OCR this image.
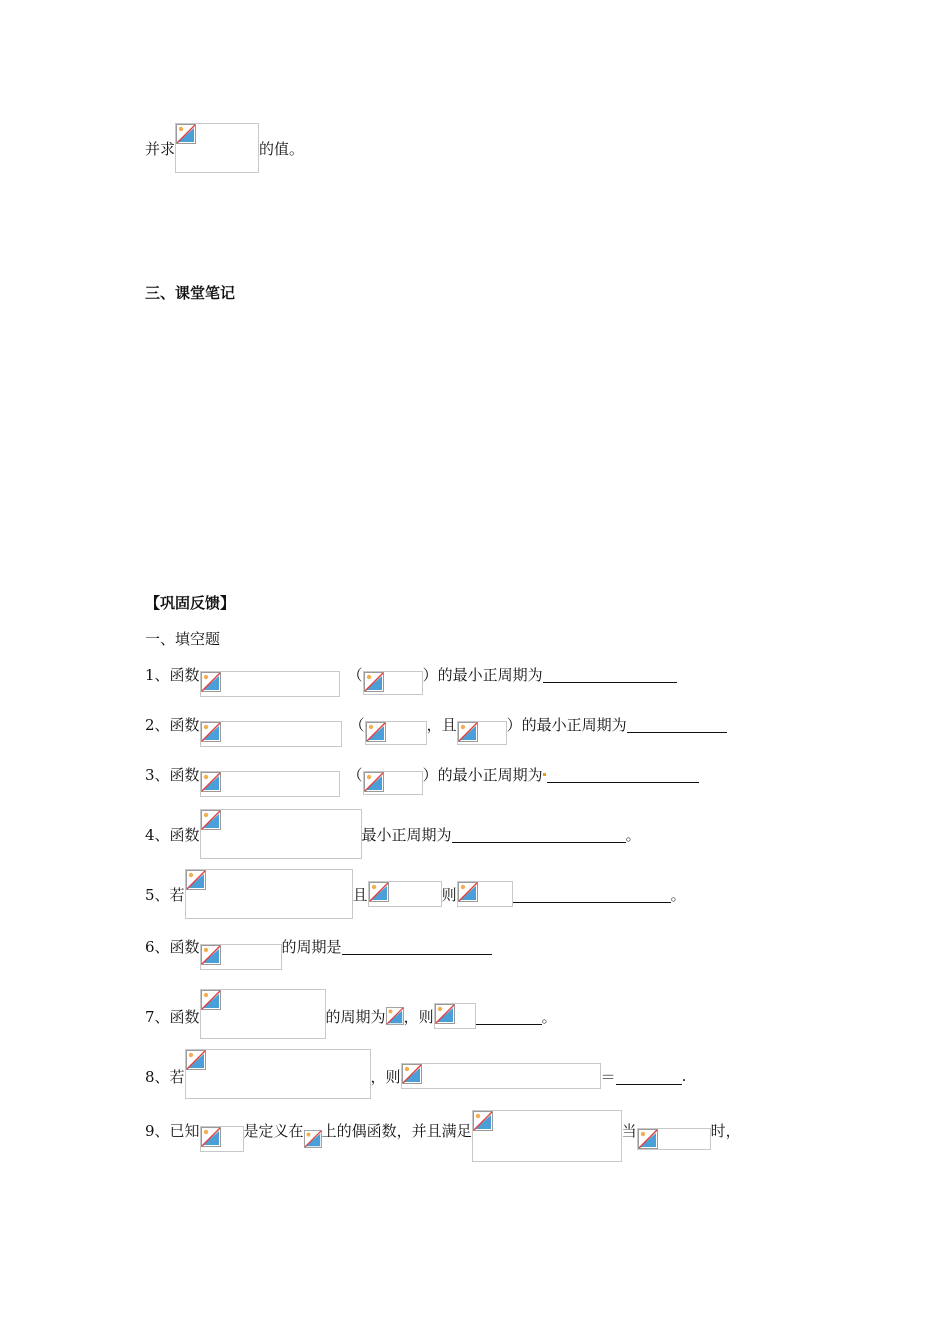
并求	的值。
三、课堂笔记
【巩固反馈】
一、填空题
1、函数	（	）的最小正周期为
2、函数	（	，且	）的最小正周期为
3、函数	（	）的最小正周期为
4、函数	最小正周期为	。
5、若	且	则	。
6、函数	的周期是
7、函数	的周期为 ，则	。
8、若	，则	＝	.
9、已知	是定义在 上的偶函数，并且满足	当	时，
